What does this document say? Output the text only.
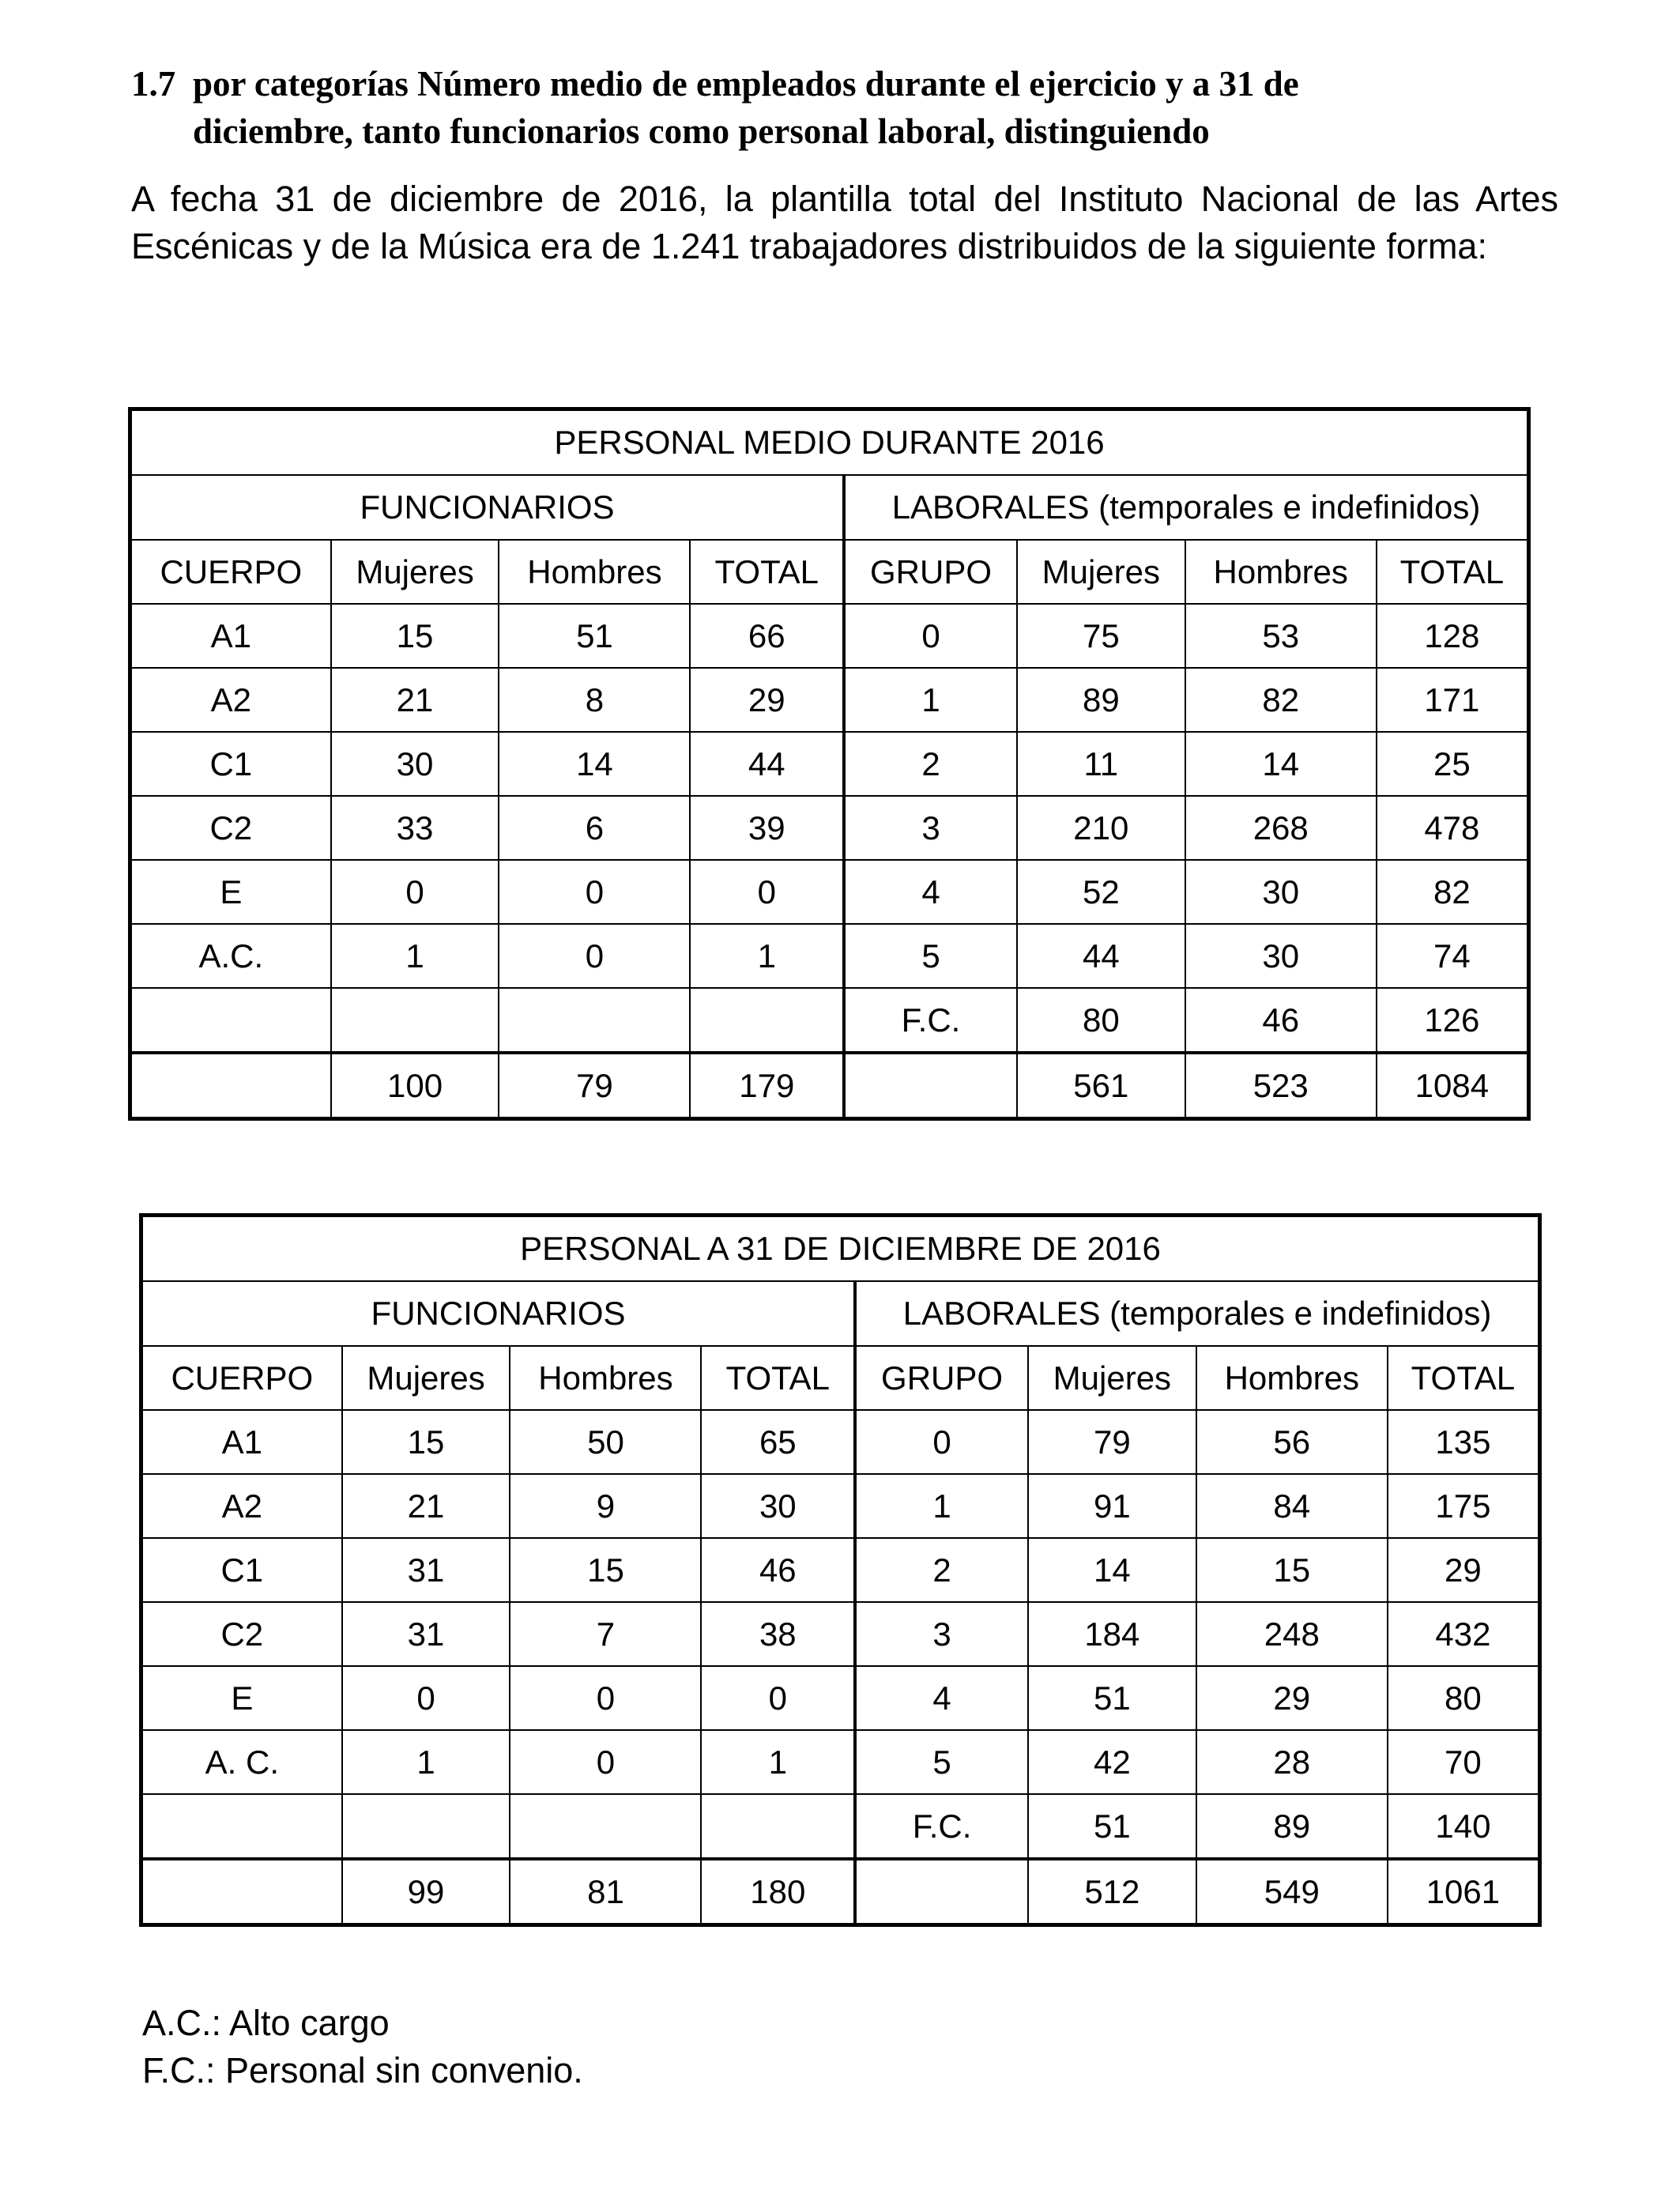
1.7 por categorías Número medio de empleados durante el ejercicio y a 31 de
diciembre, tanto funcionarios como personal laboral, distinguiendo
A fecha 31 de diciembre de 2016, la plantilla total del Instituto Nacional de las Artes Escénicas y de la Música era de 1.241 trabajadores distribuidos de la siguiente forma:
PERSONAL MEDIO DURANTE 2016							
FUNCIONARIOS				LABORALES (temporales e indefinidos)			
CUERPO	Mujeres	Hombres	TOTAL	GRUPO	Mujeres	Hombres	TOTAL
A1	15	51	66	0	75	53	128
A2	21	8	29	1	89	82	171
C1	30	14	44	2	11	14	25
C2	33	6	39	3	210	268	478
E	0	0	0	4	52	30	82
A.C.	1	0	1	5	44	30	74
				F.C.	80	46	126
	100	79	179		561	523	1084
PERSONAL A 31 DE DICIEMBRE DE 2016							
FUNCIONARIOS				LABORALES (temporales e indefinidos)			
CUERPO	Mujeres	Hombres	TOTAL	GRUPO	Mujeres	Hombres	TOTAL
A1	15	50	65	0	79	56	135
A2	21	9	30	1	91	84	175
C1	31	15	46	2	14	15	29
C2	31	7	38	3	184	248	432
E	0	0	0	4	51	29	80
A. C.	1	0	1	5	42	28	70
				F.C.	51	89	140
	99	81	180		512	549	1061
A.C.: Alto cargo
F.C.: Personal sin convenio.
